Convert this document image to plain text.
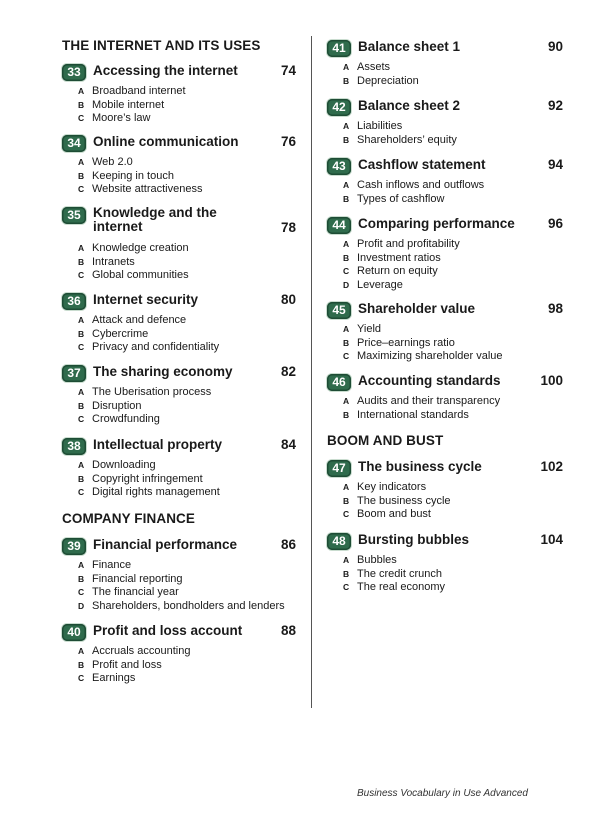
THE INTERNET AND ITS USES
COMPANY FINANCE
33 Accessing the internet	74
A Broadband internet
B Mobile internet
C Moore’s law
34 Online communication	76
A Web 2.0
B Keeping in touch
C Website attractiveness
35 Knowledge and the internet	78
A Knowledge creation
B Intranets
C Global communities
36 Internet security	80
A Attack and defence
B Cybercrime
C Privacy and confidentiality
37 The sharing economy	82
A The Uberisation process
B Disruption
C Crowdfunding
38 Intellectual property	84
A Downloading
B Copyright infringement
C Digital rights management
39 Financial performance	86
A Finance
B Financial reporting
C The financial year
D Shareholders, bondholders and lenders
40 Profit and loss account	88
A Accruals accounting
B Profit and loss
C Earnings
BOOM AND BUST
41 Balance sheet 1	90
A Assets
B Depreciation
42 Balance sheet 2	92
A Liabilities
B Shareholders’ equity
43 Cashflow statement	94
A Cash inflows and outflows
B Types of cashflow
44 Comparing performance 96
A Profit and profitability
B Investment ratios
C Return on equity
D Leverage
45 Shareholder value	98
A Yield
B Price–earnings ratio
C Maximizing shareholder value
46 Accounting standards	100
A Audits and their transparency
B International standards
47 The business cycle	102
A Key indicators
B The business cycle
C Boom and bust
48 Bursting bubbles	104
A Bubbles
B The credit crunch
C The real economy
Business Vocabulary in Use Advanced
